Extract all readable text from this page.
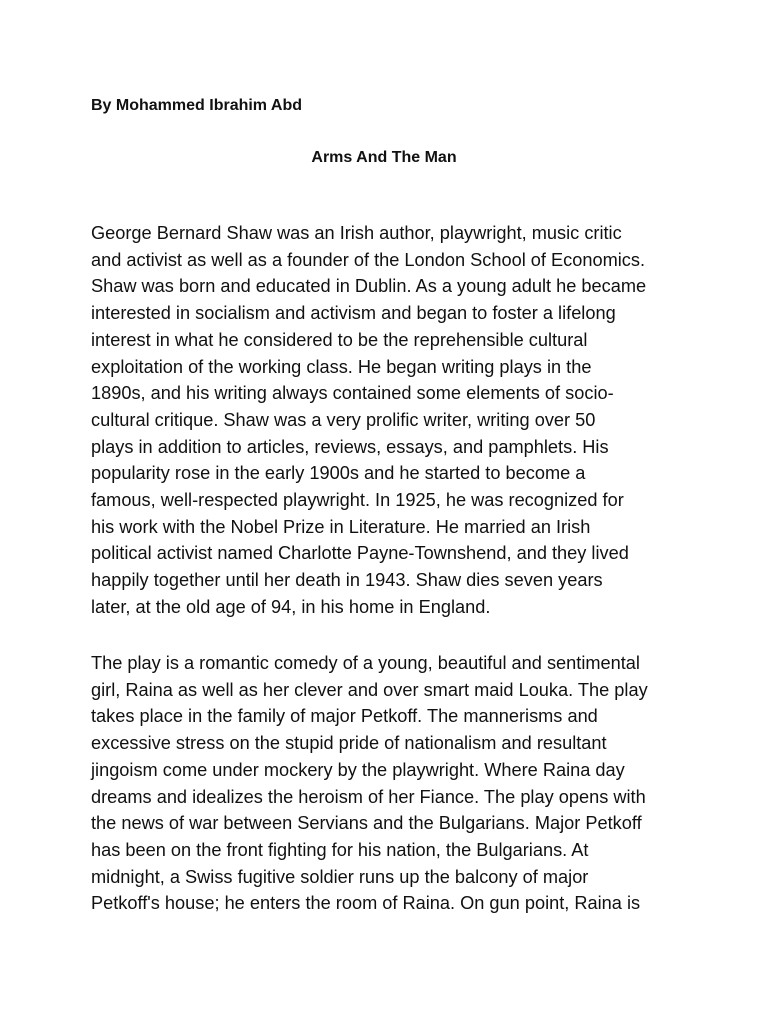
By Mohammed Ibrahim Abd
Arms And The Man

George Bernard Shaw was an Irish author, playwright, music critic
and activist as well as a founder of the London School of Economics.
Shaw was born and educated in Dublin. As a young adult he became
interested in socialism and activism and began to foster a lifelong
interest in what he considered to be the reprehensible cultural
exploitation of the working class. He began writing plays in the
1890s, and his writing always contained some elements of socio-
cultural critique. Shaw was a very prolific writer, writing over 50
plays in addition to articles, reviews, essays, and pamphlets. His
popularity rose in the early 1900s and he started to become a
famous, well-respected playwright. In 1925, he was recognized for
his work with the Nobel Prize in Literature. He married an Irish
political activist named Charlotte Payne-Townshend, and they lived
happily together until her death in 1943. Shaw dies seven years
later, at the old age of 94, in his home in England.

The play is a romantic comedy of a young, beautiful and sentimental
girl, Raina as well as her clever and over smart maid Louka. The play
takes place in the family of major Petkoff. The mannerisms and
excessive stress on the stupid pride of nationalism and resultant
jingoism come under mockery by the playwright. Where Raina day
dreams and idealizes the heroism of her Fiance. The play opens with
the news of war between Servians and the Bulgarians. Major Petkoff
has been on the front fighting for his nation, the Bulgarians. At
midnight, a Swiss fugitive soldier runs up the balcony of major
Petkoff's house; he enters the room of Raina. On gun point, Raina is
